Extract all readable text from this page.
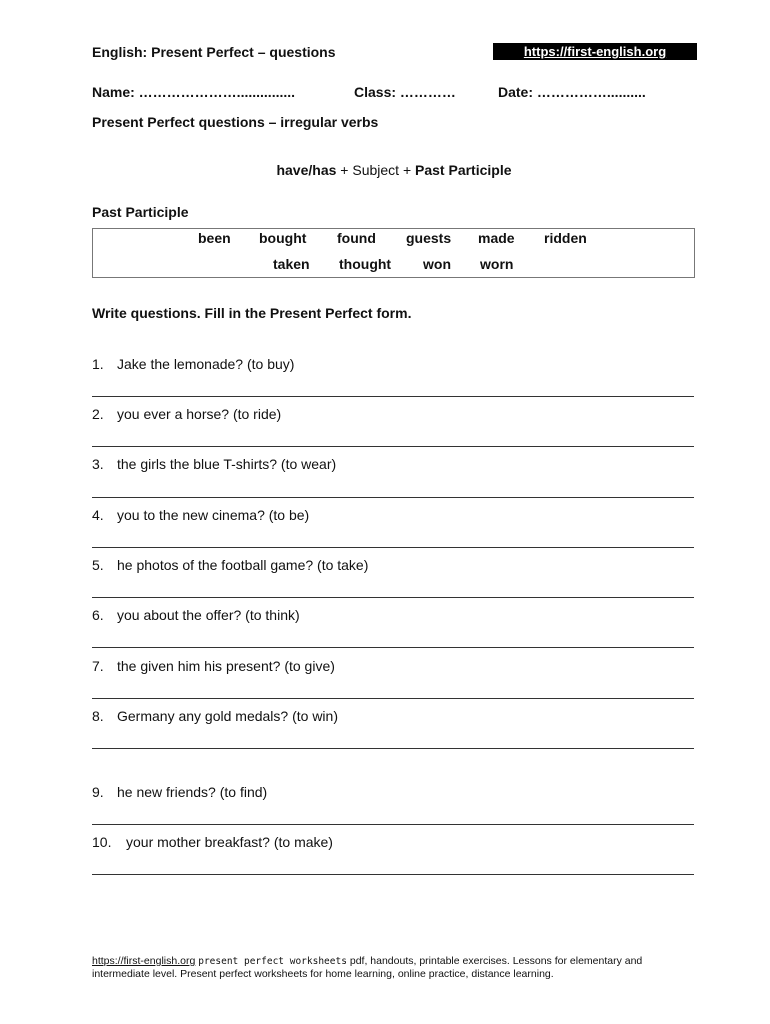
English: Present Perfect – questions	https://first-english.org
Name: …………………...............	Class: …………	Date: ……………..........
Present Perfect questions – irregular verbs
have/has + Subject + Past Participle
Past Participle
been bought found guests made ridden
taken thought won worn
Write questions. Fill in the Present Perfect form.
1. Jake the lemonade? (to buy)
2. you ever a horse? (to ride)
3. the girls the blue T-shirts? (to wear)
4. you to the new cinema? (to be)
5. he photos of the football game? (to take)
6. you about the offer? (to think)
7. the given him his present? (to give)
8. Germany any gold medals? (to win)
9. he new friends? (to find)
10. your mother breakfast? (to make)
https://first-english.org present perfect worksheets pdf, handouts, printable exercises. Lessons for elementary and intermediate level. Present perfect worksheets for home learning, online practice, distance learning.
